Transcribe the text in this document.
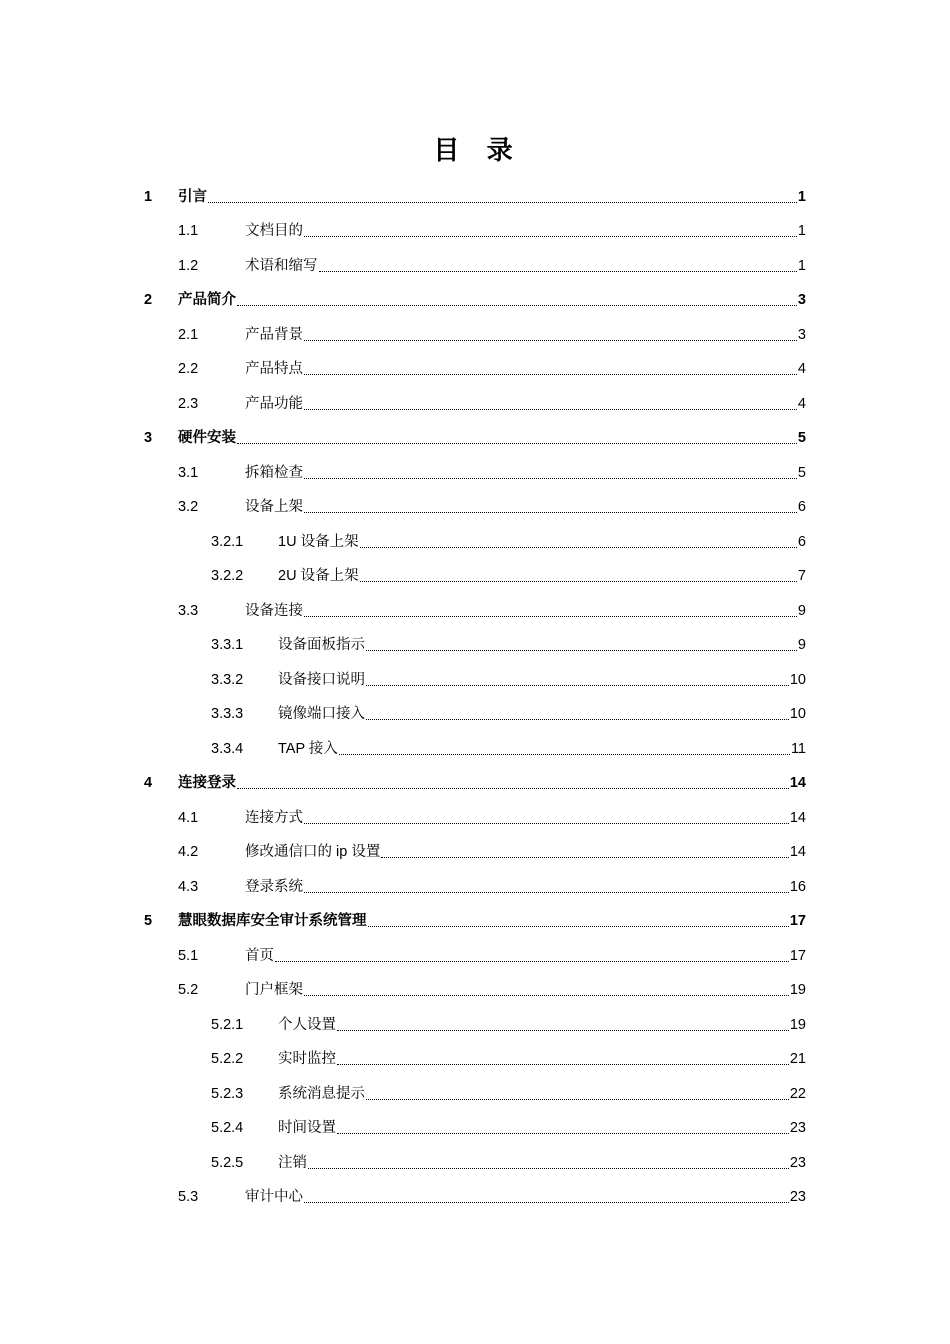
目 录
1	引言	1
1.1	文档目的	1
1.2	术语和缩写	1
2	产品简介	3
2.1	产品背景	3
2.2	产品特点	4
2.3	产品功能	4
3	硬件安装	5
3.1	拆箱检查	5
3.2	设备上架	6
3.2.1	1U 设备上架	6
3.2.2	2U 设备上架	7
3.3	设备连接	9
3.3.1	设备面板指示	9
3.3.2	设备接口说明	10
3.3.3	镜像端口接入	10
3.3.4	TAP 接入	11
4	连接登录	14
4.1	连接方式	14
4.2	修改通信口的 ip 设置	14
4.3	登录系统	16
5	慧眼数据库安全审计系统管理	17
5.1	首页	17
5.2	门户框架	19
5.2.1	个人设置	19
5.2.2	实时监控	21
5.2.3	系统消息提示	22
5.2.4	时间设置	23
5.2.5	注销	23
5.3	审计中心	23
